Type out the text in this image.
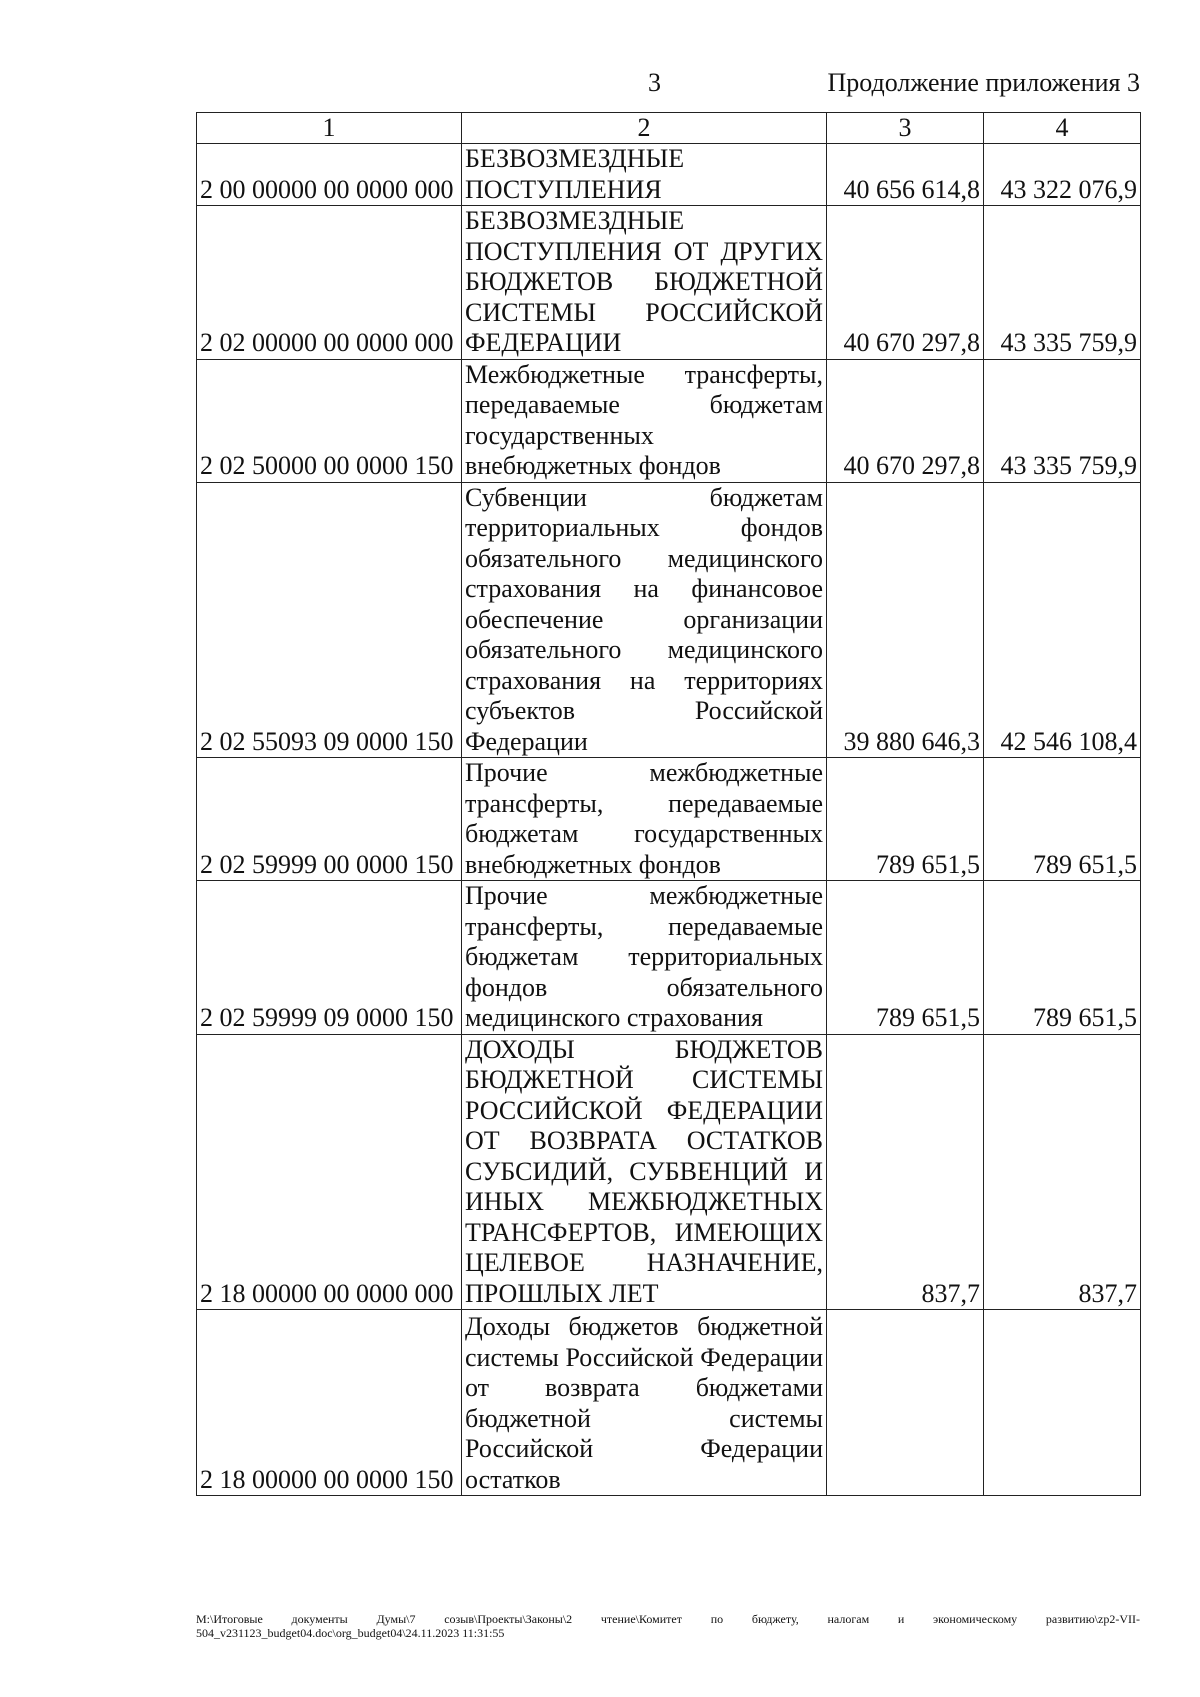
3	Продолжение приложения 3
1	2	3	4
2 00 00000 00 0000 000	БЕЗВОЗМЕЗДНЫЕ ПОСТУПЛЕНИЯ	40 656 614,8	43 322 076,9
2 02 00000 00 0000 000	БЕЗВОЗМЕЗДНЫЕ ПОСТУПЛЕНИЯ ОТ ДРУГИХ БЮДЖЕТОВ БЮДЖЕТНОЙ СИСТЕМЫ РОССИЙСКОЙ ФЕДЕРАЦИИ	40 670 297,8	43 335 759,9
2 02 50000 00 0000 150	Межбюджетные трансферты, передаваемые бюджетам государственных внебюджетных фондов	40 670 297,8	43 335 759,9
2 02 55093 09 0000 150	Субвенции бюджетам территориальных фондов обязательного медицинского страхования на финансовое обеспечение организации обязательного медицинского страхования на территориях субъектов Российской Федерации	39 880 646,3	42 546 108,4
2 02 59999 00 0000 150	Прочие межбюджетные трансферты, передаваемые бюджетам государственных внебюджетных фондов	789 651,5	789 651,5
2 02 59999 09 0000 150	Прочие межбюджетные трансферты, передаваемые бюджетам территориальных фондов обязательного медицинского страхования	789 651,5	789 651,5
2 18 00000 00 0000 000	ДОХОДЫ БЮДЖЕТОВ БЮДЖЕТНОЙ СИСТЕМЫ РОССИЙСКОЙ ФЕДЕРАЦИИ ОТ ВОЗВРАТА ОСТАТКОВ СУБСИДИЙ, СУБВЕНЦИЙ И ИНЫХ МЕЖБЮДЖЕТНЫХ ТРАНСФЕРТОВ, ИМЕЮЩИХ ЦЕЛЕВОЕ НАЗНАЧЕНИЕ, ПРОШЛЫХ ЛЕТ	837,7	837,7
2 18 00000 00 0000 150	Доходы бюджетов бюджетной системы Российской Федерации от возврата бюджетами бюджетной системы Российской Федерации остатков		
M:\Итоговые документы Думы\7 созыв\Проекты\Законы\2 чтение\Комитет по бюджету, налогам и экономическому развитию\zp2-VII-504_v231123_budget04.doc\org_budget04\24.11.2023 11:31:55
